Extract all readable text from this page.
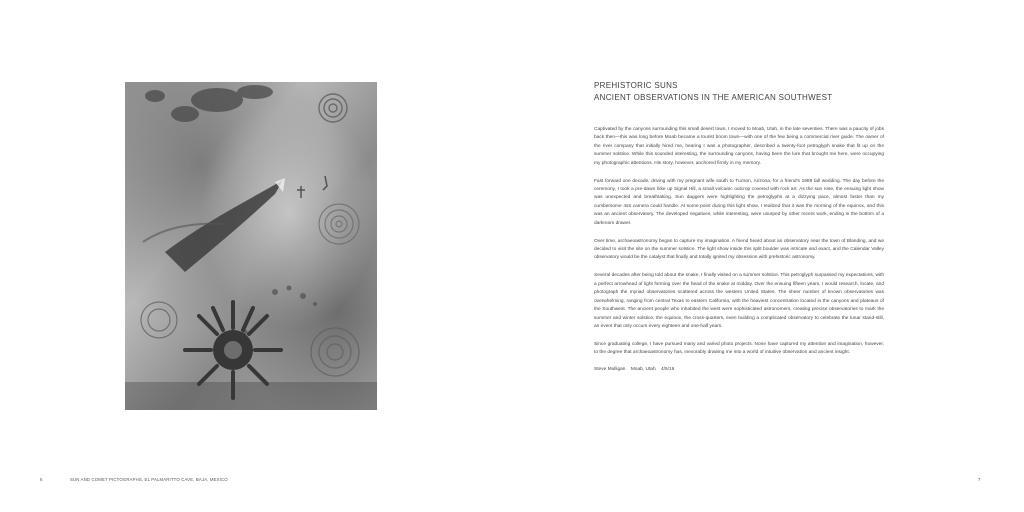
6	SUN AND COMET PICTOGRAPHS, EL PALMARITTO CAVE, BAJA, MEXICO

PREHISTORIC SUNS

ANCIENT OBSERVATIONS IN THE AMERICAN SOUTHWEST

Captivated by the canyons surrounding this small desert town, I moved to Moab, Utah, in the late seventies. There was a paucity of jobs back then—this was long before Moab became a tourist boom town—with one of the few being a commercial river guide. The owner of the river company that initially hired me, hearing I was a photographer, described a twenty-foot petroglyph snake that lit up on the summer solstice. While this sounded interesting, the surrounding canyons, having been the lure that brought me here, were occupying my photographic attentions. His story, however, anchored firmly in my memory.

Fast forward one decade, driving with my pregnant wife south to Tucson, Arizona, for a friend's 1989 fall wedding. The day before the ceremony, I took a pre-dawn hike up Signal Hill, a small volcanic outcrop covered with rock art. As the sun rose, the ensuing light show was unexpected and breathtaking. Sun daggers were highlighting the petroglyphs at a dizzying pace, almost faster than my cumbersome 4x5 camera could handle. At some point during this light show, I realized that it was the morning of the equinox, and this was an ancient observatory. The developed negatives, while interesting, were usurped by other recent work, ending in the bottom of a darkroom drawer.

Over time, archaeoastronomy began to capture my imagination. A friend heard about an observatory near the town of Blanding, and we decided to visit the site on the summer solstice. The light show inside this split boulder was intricate and exact, and the Calendar Valley observatory would be the catalyst that finally and totally ignited my obsession with prehistoric astronomy.

Several decades after being told about the snake, I finally visited on a summer solstice. This petroglyph surpassed my expectations, with a perfect arrowhead of light forming over the head of the snake at midday. Over the ensuing fifteen years, I would research, locate, and photograph the myriad observatories scattered across the western United States. The sheer number of known observatories was overwhelming, ranging from central Texas to eastern California, with the heaviest concentration located in the canyons and plateaus of the Southwest. The ancient people who inhabited the west were sophisticated astronomers, creating precise observatories to mark the summer and winter solstice, the equinox, the cross-quarters, even building a complicated observatory to celebrate the lunar stand-still, an event that only occurs every eighteen and one-half years.

Since graduating college, I have pursued many and varied photo projects. None have captured my attention and imagination, however, to the degree that archaeoastronomy has, inexorably drawing me into a world of intuitive observation and ancient insight.

Steve Mulligan Moab, Utah 4/5/19
7
